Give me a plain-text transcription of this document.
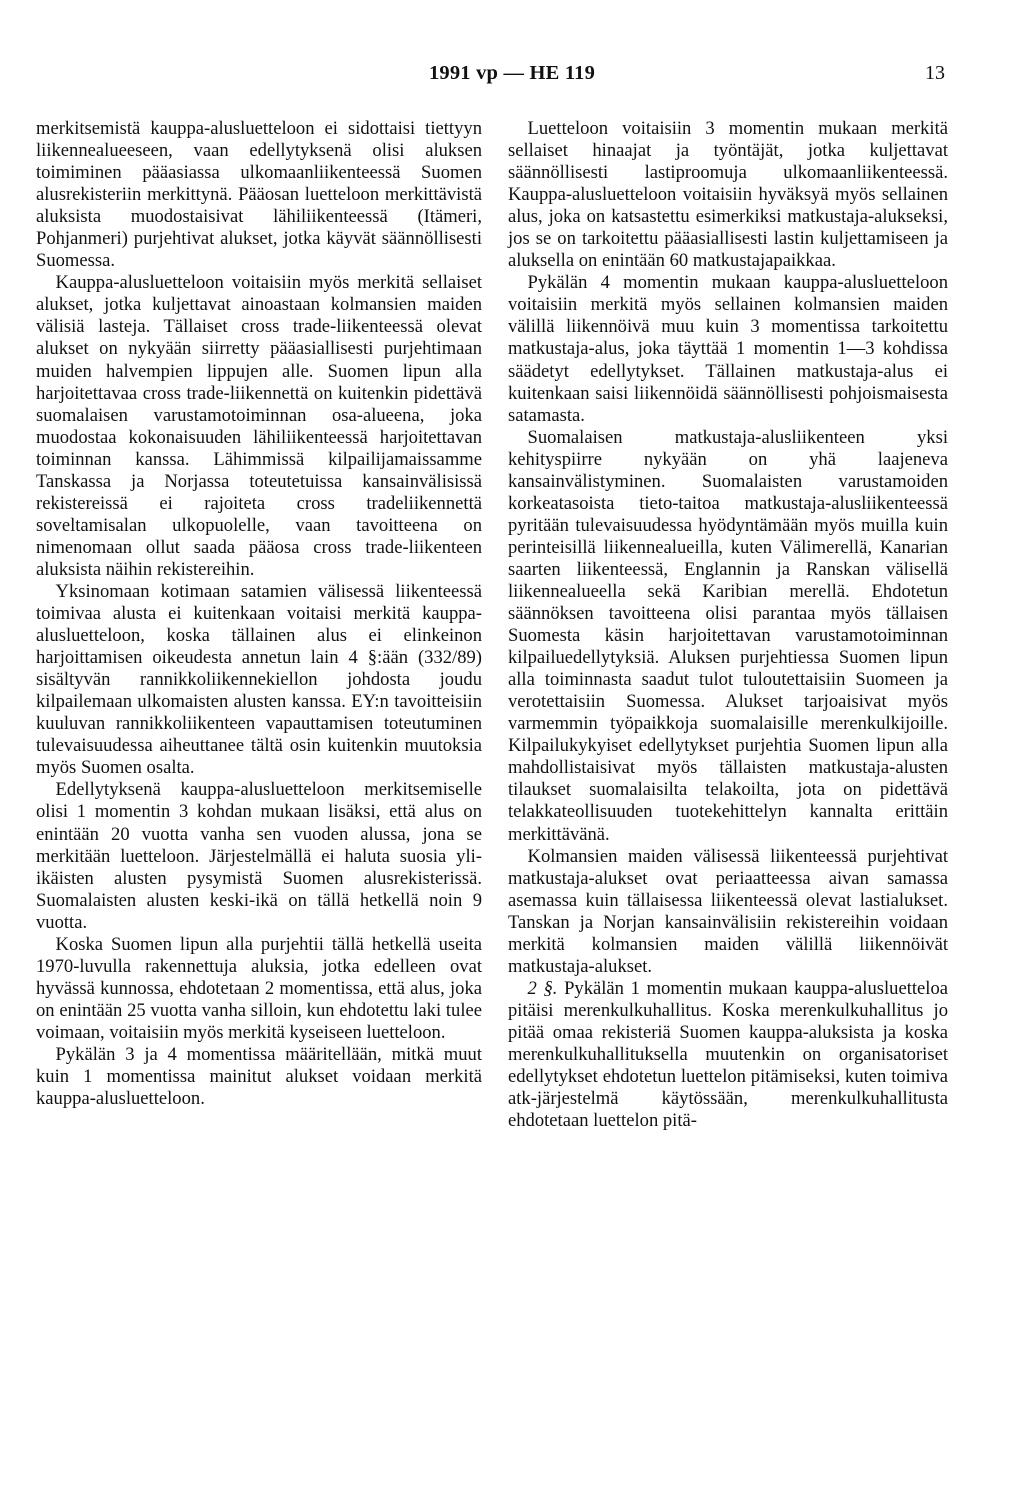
1991 vp — HE 119	13

merkitsemistä kauppa-alusluetteloon ei sidottaisi tiettyyn liikennealueeseen, vaan edellytyksenä olisi aluksen toimiminen pääasiassa ulkomaanliikenteessä Suomen alusrekisteriin merkittynä. Pääosan luetteloon merkittävistä aluksista muodostaisivat lähiliikenteessä (Itämeri, Pohjanmeri) purjehtivat alukset, jotka käyvät säännöllisesti Suomessa.

Kauppa-alusluetteloon voitaisiin myös merkitä sellaiset alukset, jotka kuljettavat ainoastaan kolmansien maiden välisiä lasteja. Tällaiset cross trade-liikenteessä olevat alukset on nykyään siirretty pääasiallisesti purjehtimaan muiden halvempien lippujen alle. Suomen lipun alla harjoitettavaa cross trade-liikennettä on kuitenkin pidettävä suomalaisen varustamotoiminnan osa-alueena, joka muodostaa kokonaisuuden lähiliikenteessä harjoitettavan toiminnan kanssa. Lähimmissä kilpailijamaissamme Tanskassa ja Norjassa toteutetuissa kansainvälisissä rekistereissä ei rajoiteta cross tradeliikennettä soveltamisalan ulkopuolelle, vaan tavoitteena on nimenomaan ollut saada pääosa cross trade-liikenteen aluksista näihin rekistereihin.

Yksinomaan kotimaan satamien välisessä liikenteessä toimivaa alusta ei kuitenkaan voitaisi merkitä kauppa-alusluetteloon, koska tällainen alus ei elinkeinon harjoittamisen oikeudesta annetun lain 4 §:ään (332/89) sisältyvän rannikkoliikennekiellon johdosta joudu kilpailemaan ulkomaisten alusten kanssa. EY:n tavoitteisiin kuuluvan rannikkoliikenteen vapauttamisen toteutuminen tulevaisuudessa aiheuttanee tältä osin kuitenkin muutoksia myös Suomen osalta.

Edellytyksenä kauppa-alusluetteloon merkitsemiselle olisi 1 momentin 3 kohdan mukaan lisäksi, että alus on enintään 20 vuotta vanha sen vuoden alussa, jona se merkitään luetteloon. Järjestelmällä ei haluta suosia yli-ikäisten alusten pysymistä Suomen alusrekisterissä. Suomalaisten alusten keski-ikä on tällä hetkellä noin 9 vuotta.

Koska Suomen lipun alla purjehtii tällä hetkellä useita 1970-luvulla rakennettuja aluksia, jotka edelleen ovat hyvässä kunnossa, ehdotetaan 2 momentissa, että alus, joka on enintään 25 vuotta vanha silloin, kun ehdotettu laki tulee voimaan, voitaisiin myös merkitä kyseiseen luetteloon.

Pykälän 3 ja 4 momentissa määritellään, mitkä muut kuin 1 momentissa mainitut alukset voidaan merkitä kauppa-alusluetteloon.

Luetteloon voitaisiin 3 momentin mukaan merkitä sellaiset hinaajat ja työntäjät, jotka kuljettavat säännöllisesti lastiproomuja ulkomaanliikenteessä. Kauppa-alusluetteloon voitaisiin hyväksyä myös sellainen alus, joka on katsastettu esimerkiksi matkustaja-alukseksi, jos se on tarkoitettu pääasiallisesti lastin kuljettamiseen ja aluksella on enintään 60 matkustajapaikkaa.

Pykälän 4 momentin mukaan kauppa-alusluetteloon voitaisiin merkitä myös sellainen kolmansien maiden välillä liikennöivä muu kuin 3 momentissa tarkoitettu matkustaja-alus, joka täyttää 1 momentin 1—3 kohdissa säädetyt edellytykset. Tällainen matkustaja-alus ei kuitenkaan saisi liikennöidä säännöllisesti pohjoismaisesta satamasta.

Suomalaisen matkustaja-alusliikenteen yksi kehityspiirre nykyään on yhä laajeneva kansainvälistyminen. Suomalaisten varustamoiden korkeatasoista tieto-taitoa matkustaja-alusliikenteessä pyritään tulevaisuudessa hyödyntämään myös muilla kuin perinteisillä liikennealueilla, kuten Välimerellä, Kanarian saarten liikenteessä, Englannin ja Ranskan välisellä liikennealueella sekä Karibian merellä. Ehdotetun säännöksen tavoitteena olisi parantaa myös tällaisen Suomesta käsin harjoitettavan varustamotoiminnan kilpailuedellytyksiä. Aluksen purjehtiessa Suomen lipun alla toiminnasta saadut tulot tuloutettaisiin Suomeen ja verotettaisiin Suomessa. Alukset tarjoaisivat myös varmemmin työpaikkoja suomalaisille merenkulkijoille. Kilpailukykyiset edellytykset purjehtia Suomen lipun alla mahdollistaisivat myös tällaisten matkustaja-alusten tilaukset suomalaisilta telakoilta, jota on pidettävä telakkateollisuuden tuotekehittelyn kannalta erittäin merkittävänä.

Kolmansien maiden välisessä liikenteessä purjehtivat matkustaja-alukset ovat periaatteessa aivan samassa asemassa kuin tällaisessa liikenteessä olevat lastialukset. Tanskan ja Norjan kansainvälisiin rekistereihin voidaan merkitä kolmansien maiden välillä liikennöivät matkustaja-alukset.

2 §. Pykälän 1 momentin mukaan kauppa-alusluetteloa pitäisi merenkulkuhallitus. Koska merenkulkuhallitus jo pitää omaa rekisteriä Suomen kauppa-aluksista ja koska merenkulkuhallituksella muutenkin on organisatoriset edellytykset ehdotetun luettelon pitämiseksi, kuten toimiva atk-järjestelmä käytössään, merenkulkuhallitusta ehdotetaan luettelon pitä-
